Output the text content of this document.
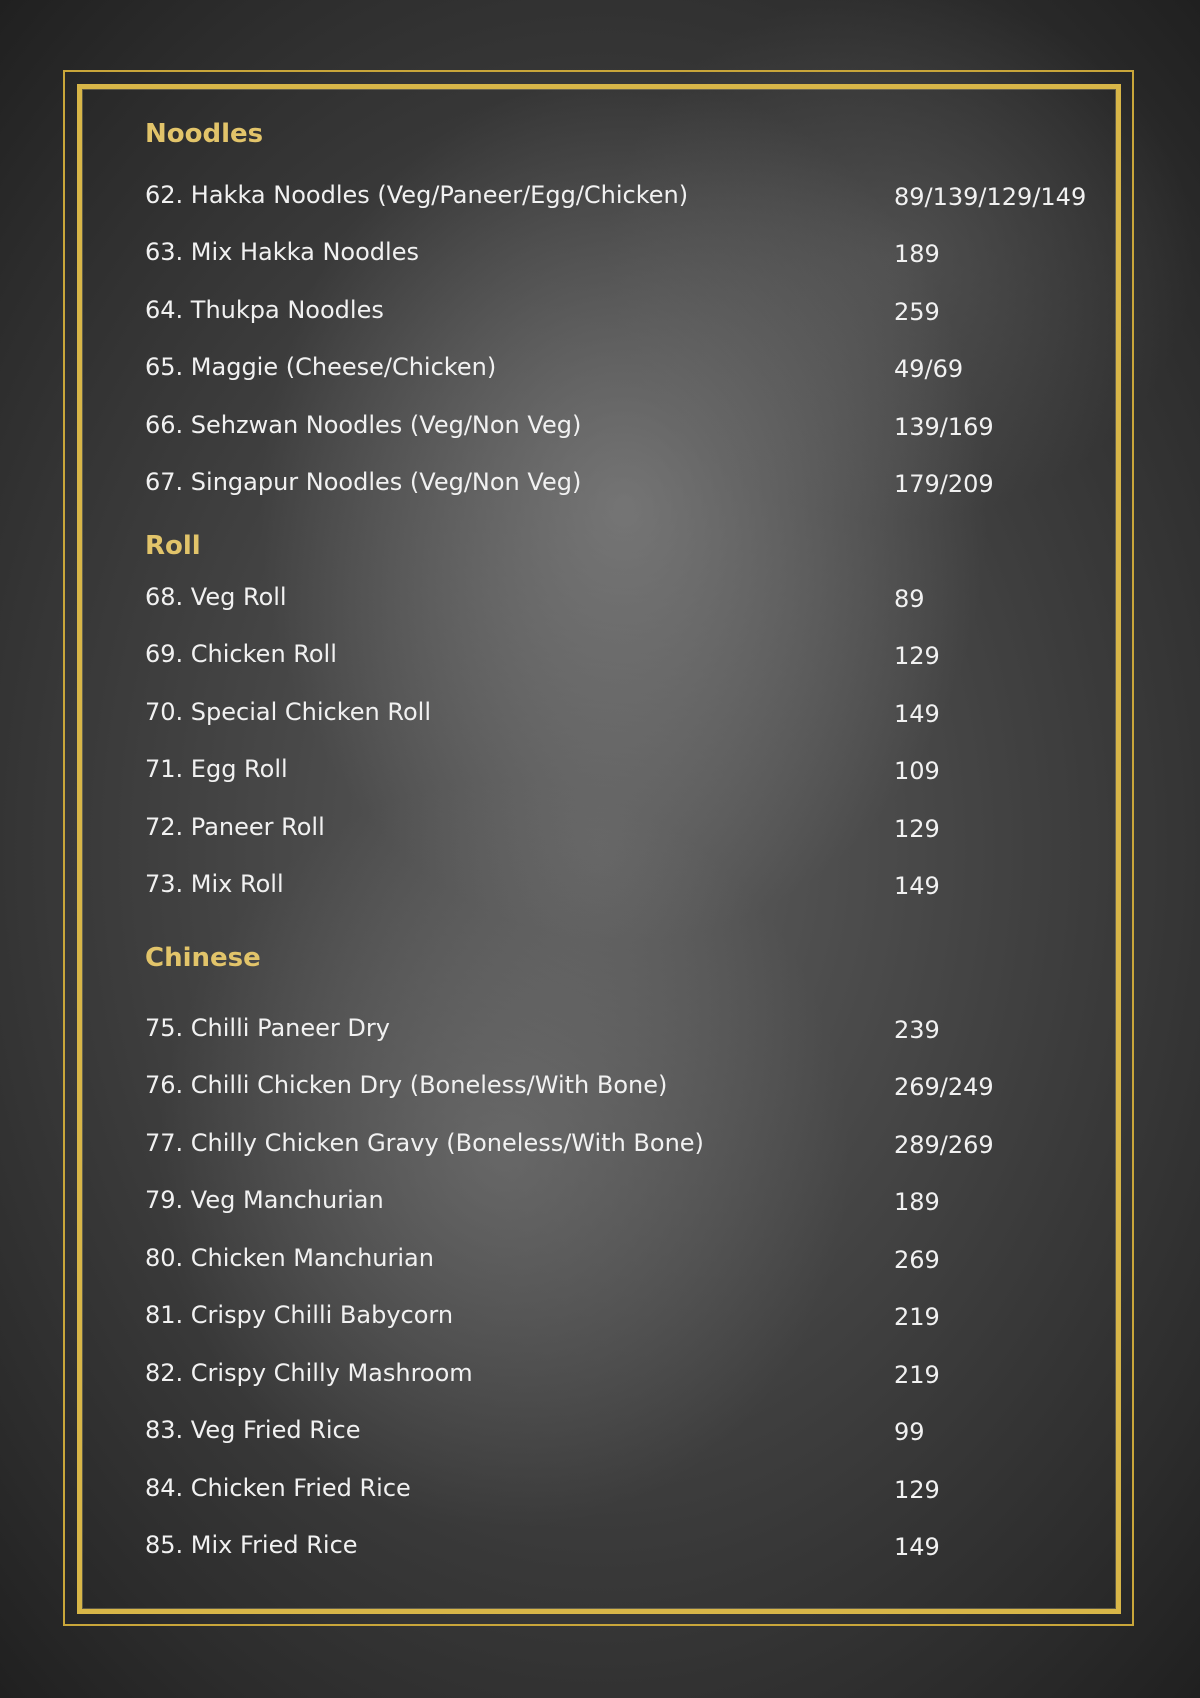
Noodles
62. Hakka Noodles (Veg/Paneer/Egg/Chicken)	89/139/129/149
63. Mix Hakka Noodles	189
64. Thukpa Noodles	259
65. Maggie (Cheese/Chicken)	49/69
66. Sehzwan Noodles (Veg/Non Veg)	139/169
67. Singapur Noodles (Veg/Non Veg)	179/209
Roll
68. Veg Roll	89
69. Chicken Roll	129
70. Special Chicken Roll	149
71. Egg Roll	109
72. Paneer Roll	129
73. Mix Roll	149
Chinese
75. Chilli Paneer Dry	239
76. Chilli Chicken Dry (Boneless/With Bone)	269/249
77. Chilly Chicken Gravy (Boneless/With Bone)	289/269
79. Veg Manchurian	189
80. Chicken Manchurian	269
81. Crispy Chilli Babycorn	219
82. Crispy Chilly Mashroom	219
83. Veg Fried Rice	99
84. Chicken Fried Rice	129
85. Mix Fried Rice	149
